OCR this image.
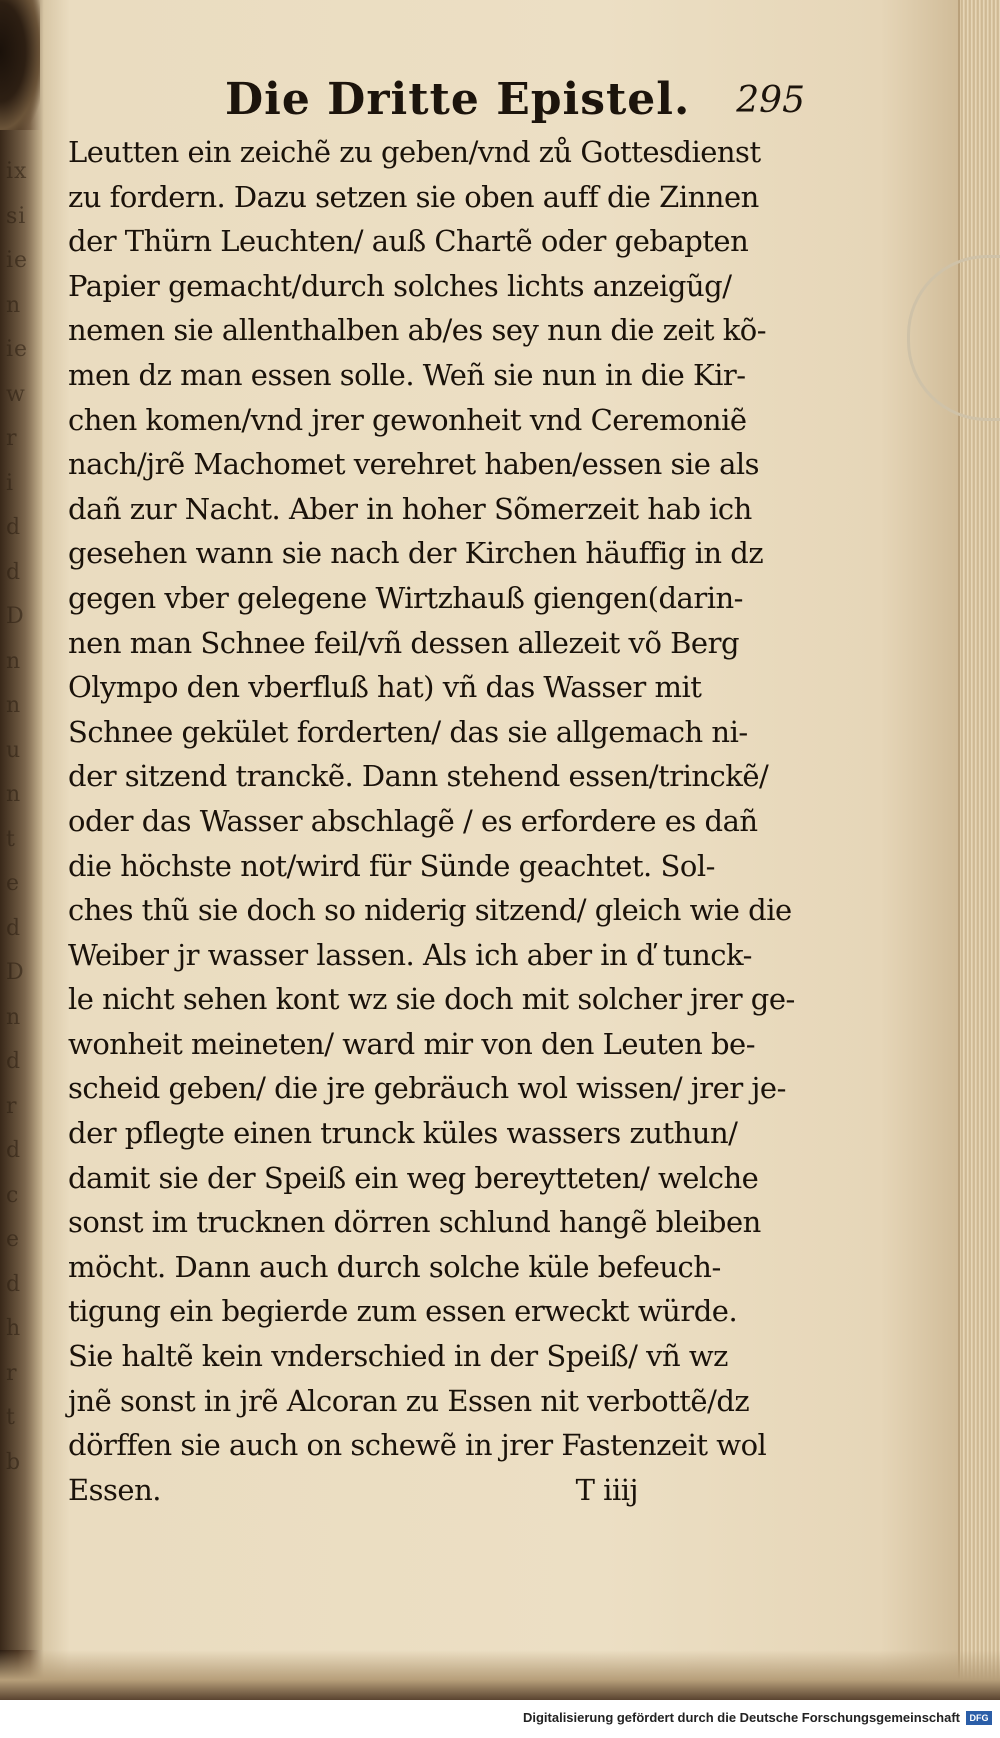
ix
si
ie
n
ie
w
r
i
d
d
D
n
n
u
n
t
e
d
D
n
d
r
d
c
e
d
h
r
t
b
Die Dritte Epistel. 295
Leutten ein zeichẽ zu geben/vnd zů Gottesdienst
zu fordern. Dazu setzen sie oben auff die Zinnen
der Thürn Leuchten/ auß Chartẽ oder gebapten
Papier gemacht/durch solches lichts anzeigũg/
nemen sie allenthalben ab/es sey nun die zeit kõ-
men dz man essen solle. Weñ sie nun in die Kir-
chen komen/vnd jrer gewonheit vnd Ceremoniẽ
nach/jrẽ Machomet verehret haben/essen sie als
dañ zur Nacht. Aber in hoher Sõmerzeit hab ich
gesehen wann sie nach der Kirchen häuffig in dz
gegen vber gelegene Wirtzhauß giengen(darin-
nen man Schnee feil/vñ dessen allezeit võ Berg
Olympo den vberfluß hat) vñ das Wasser mit
Schnee gekület forderten/ das sie allgemach ni-
der sitzend tranckẽ. Dann stehend essen/trinckẽ/
oder das Wasser abschlagẽ / es erfordere es dañ
die höchste not/wird für Sünde geachtet. Sol-
ches thũ sie doch so niderig sitzend/ gleich wie die
Weiber jr wasser lassen. Als ich aber in ď tunck-
le nicht sehen kont wz sie doch mit solcher jrer ge-
wonheit meineten/ ward mir von den Leuten be-
scheid geben/ die jre gebräuch wol wissen/ jrer je-
der pflegte einen trunck küles wassers zuthun/
damit sie der Speiß ein weg bereytteten/ welche
sonst im trucknen dörren schlund hangẽ bleiben
möcht. Dann auch durch solche küle befeuch-
tigung ein begierde zum essen erweckt würde.
Sie haltẽ kein vnderschied in der Speiß/ vñ wz
jnẽ sonst in jrẽ Alcoran zu Essen nit verbottẽ/dz
dörffen sie auch on schewẽ in jrer Fastenzeit wol
Essen.	T iiij
Digitalisierung gefördert durch die Deutsche Forschungsgemeinschaft	DFG
